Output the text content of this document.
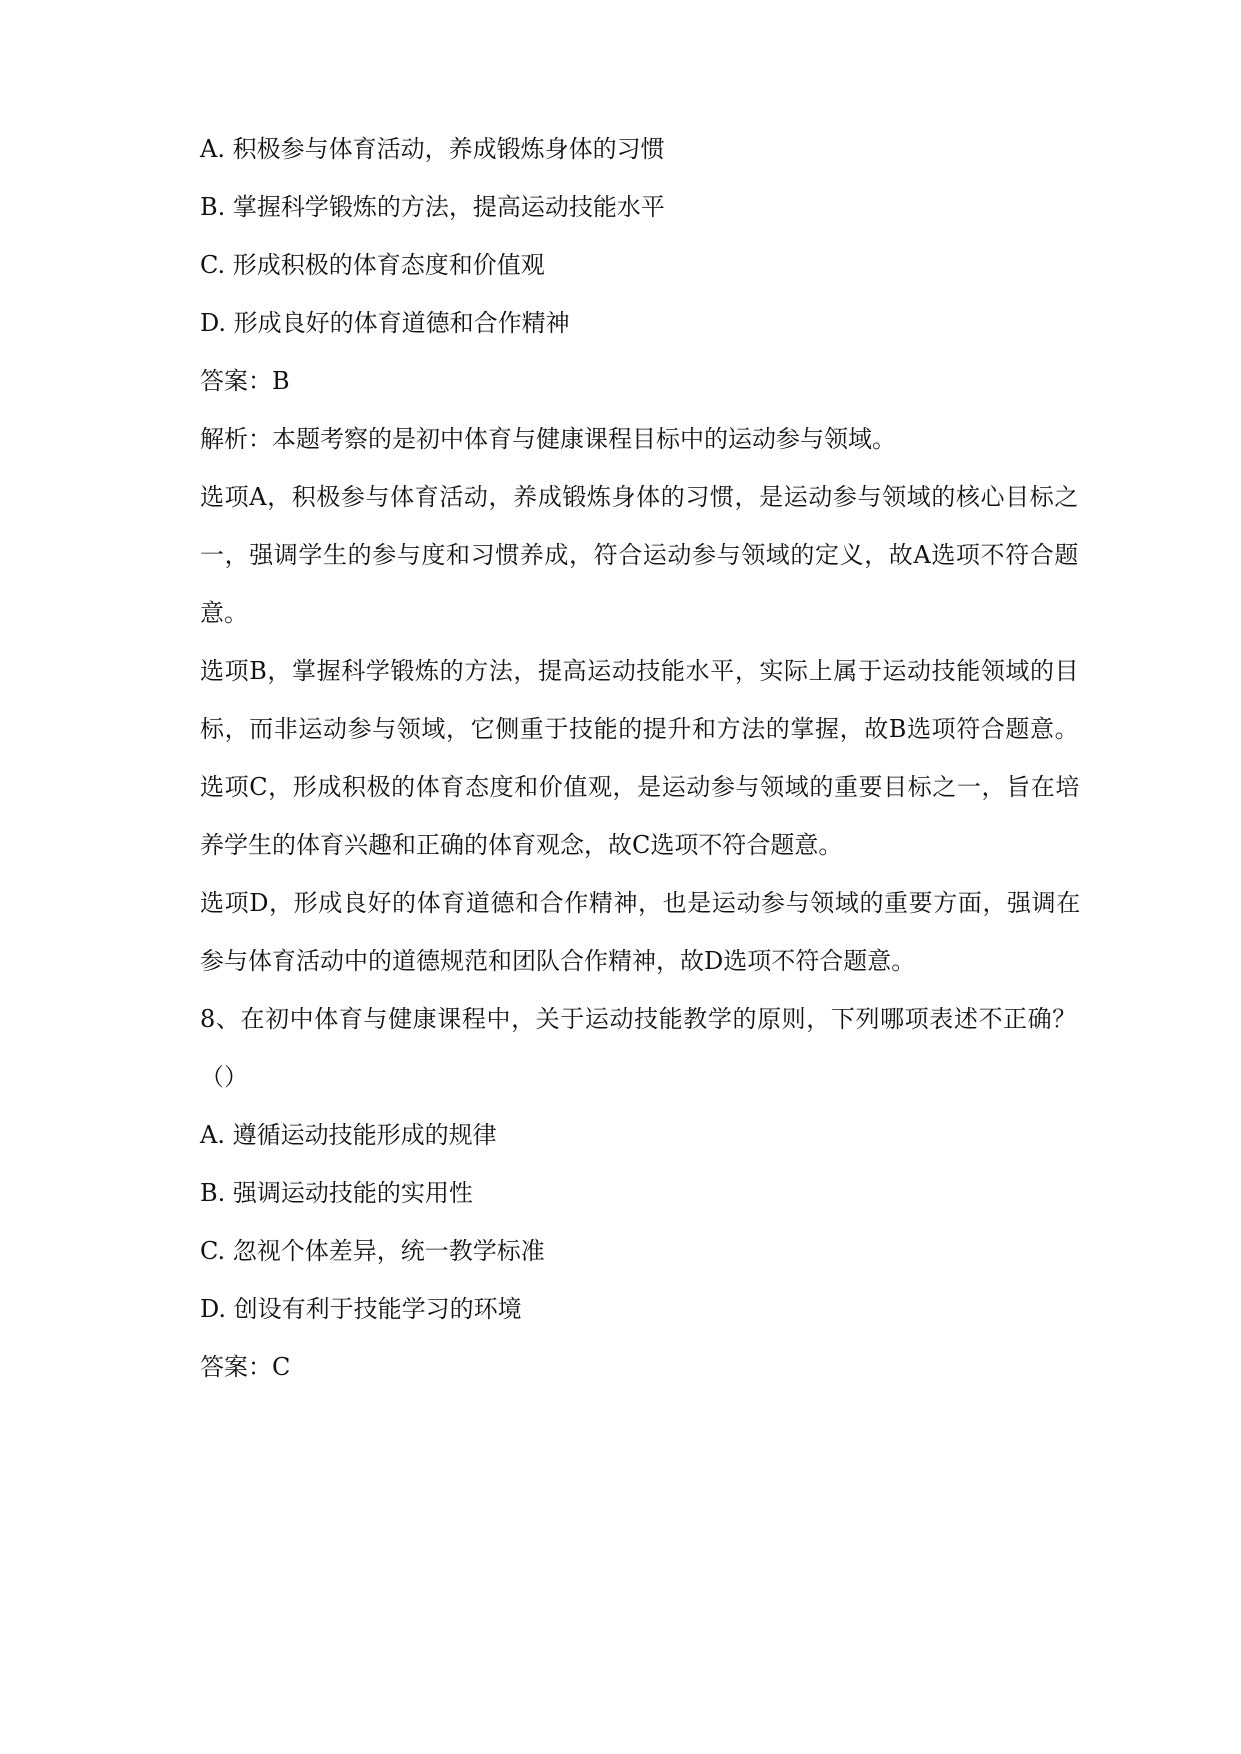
A. 积极参与体育活动，养成锻炼身体的习惯
B. 掌握科学锻炼的方法，提高运动技能水平
C. 形成积极的体育态度和价值观
D. 形成良好的体育道德和合作精神
答案：B
解析：本题考察的是初中体育与健康课程目标中的运动参与领域。
选项A，积极参与体育活动，养成锻炼身体的习惯，是运动参与领域的核心目标之
一，强调学生的参与度和习惯养成，符合运动参与领域的定义，故A选项不符合题
意。
选项B，掌握科学锻炼的方法，提高运动技能水平，实际上属于运动技能领域的目
标，而非运动参与领域，它侧重于技能的提升和方法的掌握，故B选项符合题意。
选项C，形成积极的体育态度和价值观，是运动参与领域的重要目标之一，旨在培
养学生的体育兴趣和正确的体育观念，故C选项不符合题意。
选项D，形成良好的体育道德和合作精神，也是运动参与领域的重要方面，强调在
参与体育活动中的道德规范和团队合作精神，故D选项不符合题意。
8、在初中体育与健康课程中，关于运动技能教学的原则，下列哪项表述不正确？
（）
A. 遵循运动技能形成的规律
B. 强调运动技能的实用性
C. 忽视个体差异，统一教学标准
D. 创设有利于技能学习的环境
答案：C
